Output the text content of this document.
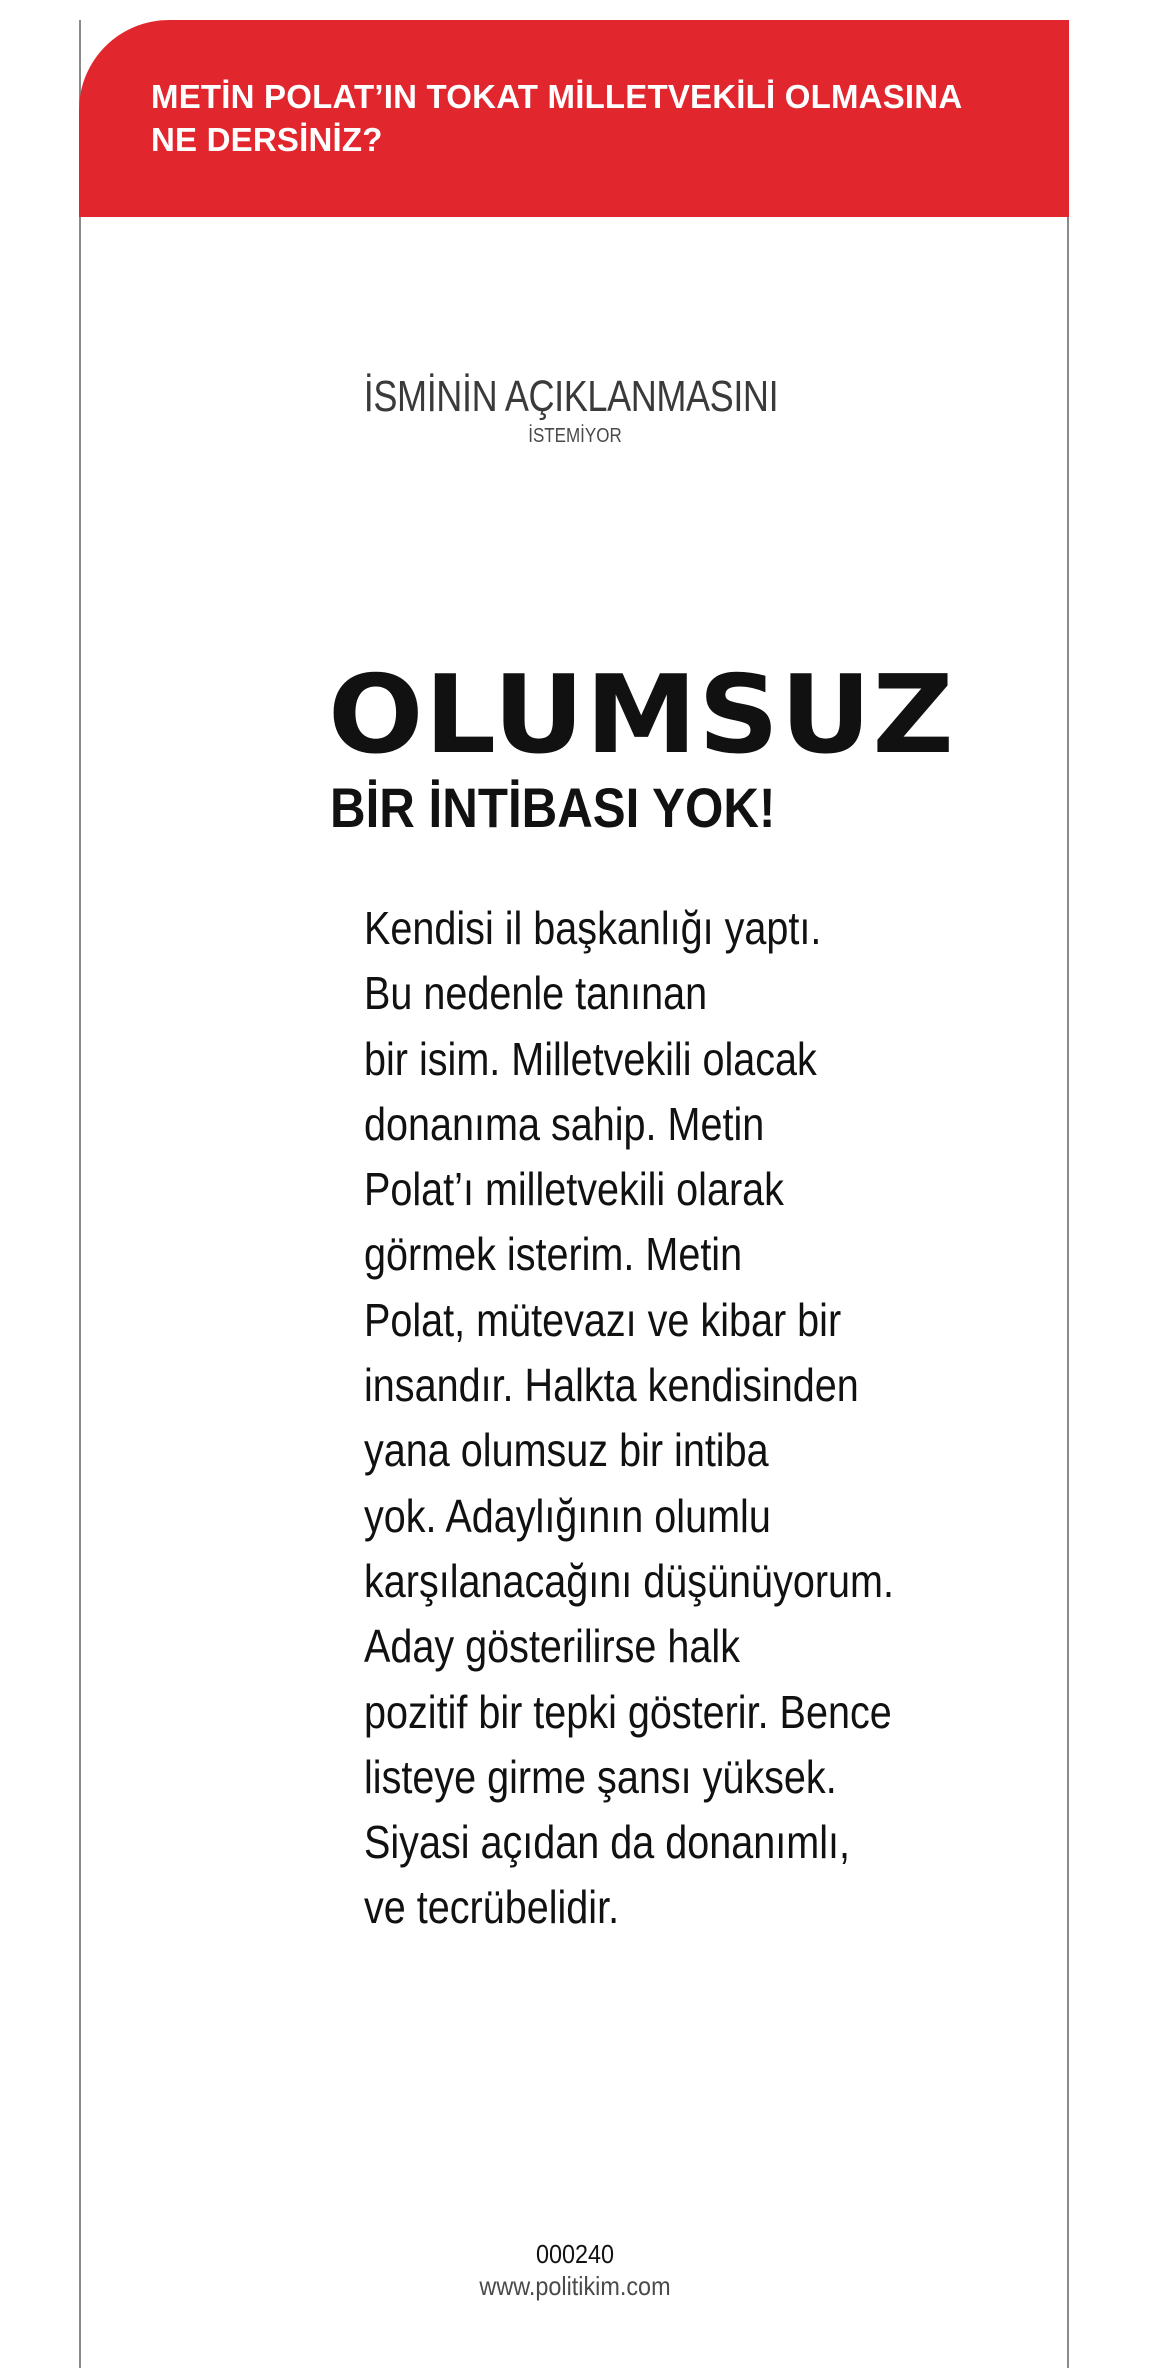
METİN POLAT’IN TOKAT MİLLETVEKİLİ OLMASINA
NE DERSİNİZ?

İSMİNİN AÇIKLANMASINI
İSTEMİYOR
OLUMSUZ
BİR İNTİBASI YOK!
Kendisi il başkanlığı yaptı.
Bu nedenle tanınan
bir isim. Milletvekili olacak
donanıma sahip. Metin
Polat’ı milletvekili olarak
görmek isterim. Metin
Polat, mütevazı ve kibar bir
insandır. Halkta kendisinden
yana olumsuz bir intiba
yok. Adaylığının olumlu
karşılanacağını düşünüyorum.
Aday gösterilirse halk
pozitif bir tepki gösterir. Bence
listeye girme şansı yüksek.
Siyasi açıdan da donanımlı,
ve tecrübelidir.
000240
www.politikim.com
